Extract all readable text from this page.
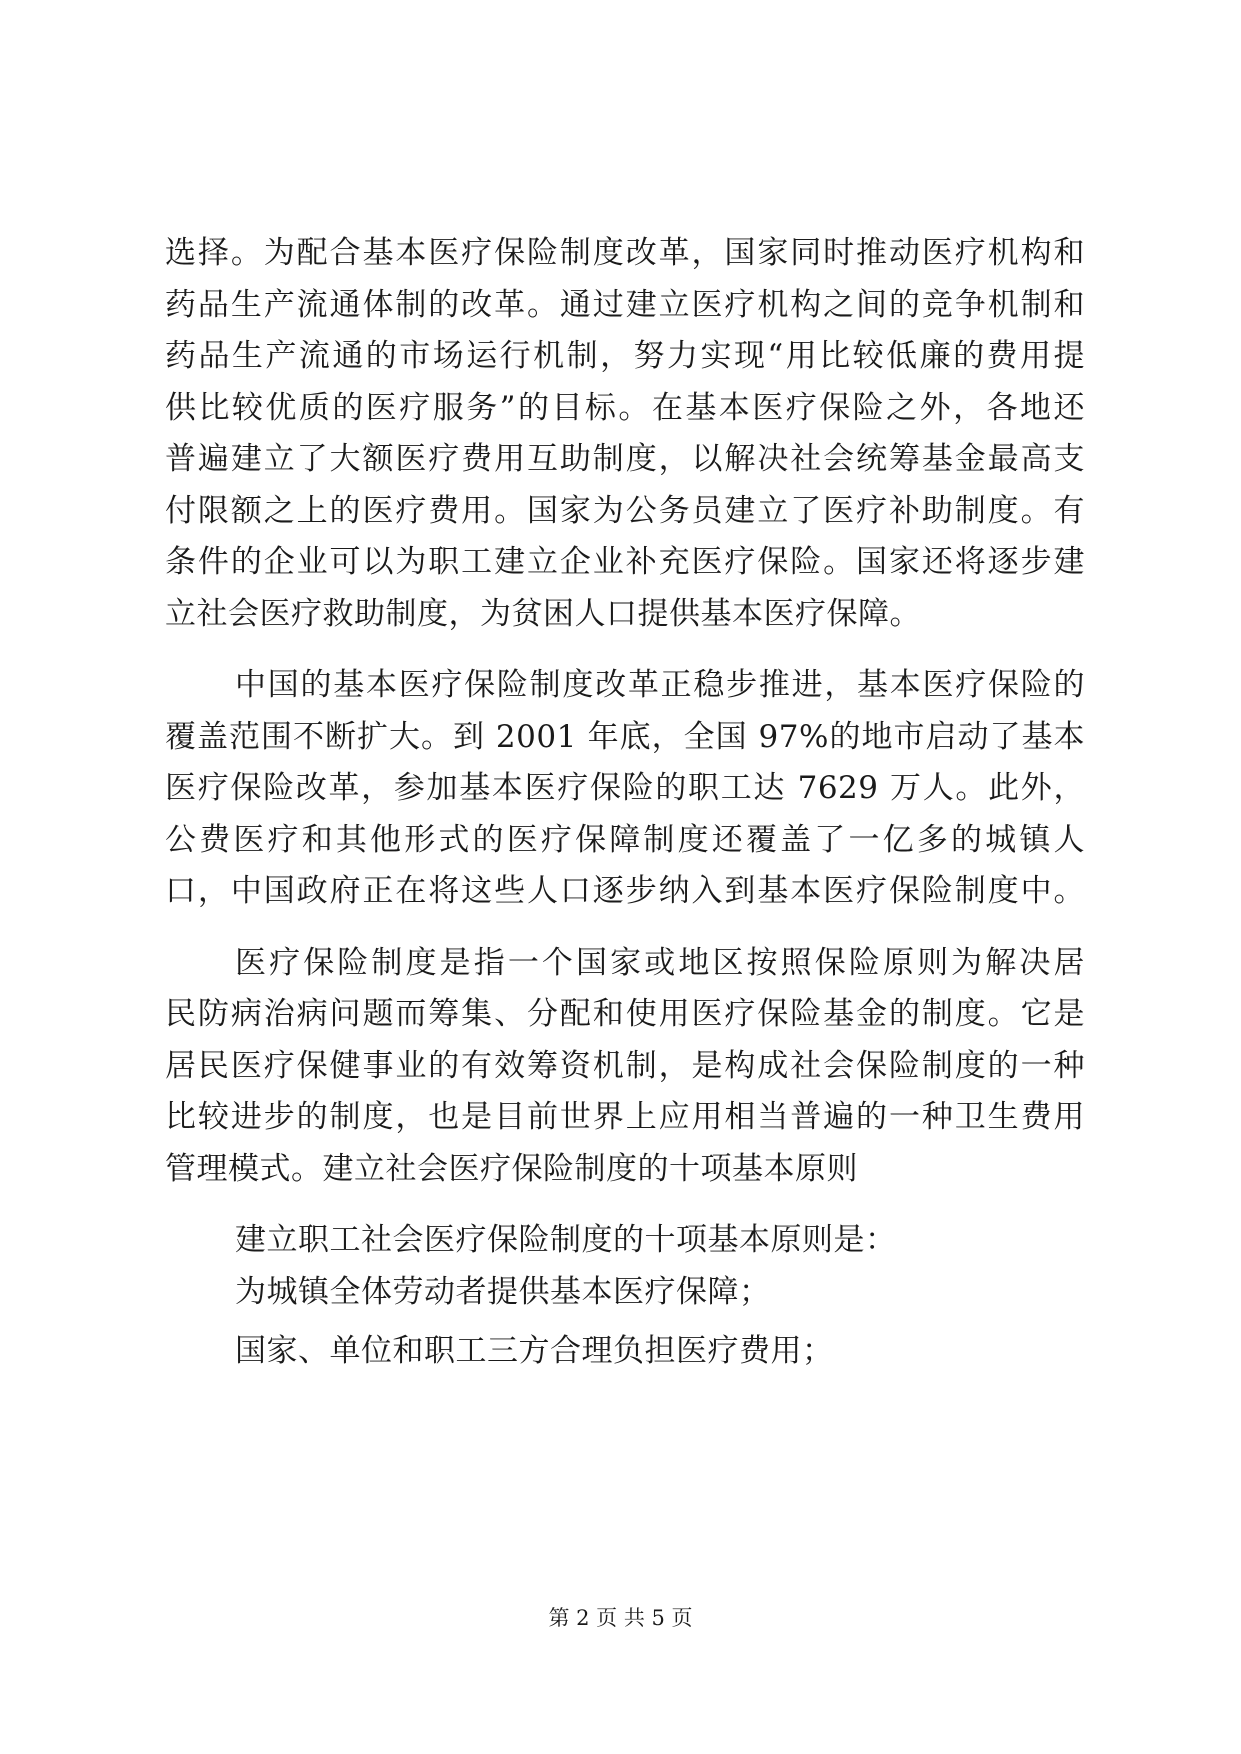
选择。为配合基本医疗保险制度改革，国家同时推动医疗机构和
药品生产流通体制的改革。通过建立医疗机构之间的竞争机制和
药品生产流通的市场运行机制，努力实现“用比较低廉的费用提
供比较优质的医疗服务”的目标。在基本医疗保险之外，各地还
普遍建立了大额医疗费用互助制度，以解决社会统筹基金最高支
付限额之上的医疗费用。国家为公务员建立了医疗补助制度。有
条件的企业可以为职工建立企业补充医疗保险。国家还将逐步建
立社会医疗救助制度，为贫困人口提供基本医疗保障。
中国的基本医疗保险制度改革正稳步推进，基本医疗保险的
覆盖范围不断扩大。到 2001 年底，全国 97%的地市启动了基本
医疗保险改革，参加基本医疗保险的职工达 7629 万人。此外，
公费医疗和其他形式的医疗保障制度还覆盖了一亿多的城镇人
口，中国政府正在将这些人口逐步纳入到基本医疗保险制度中。
医疗保险制度是指一个国家或地区按照保险原则为解决居
民防病治病问题而筹集、分配和使用医疗保险基金的制度。它是
居民医疗保健事业的有效筹资机制，是构成社会保险制度的一种
比较进步的制度，也是目前世界上应用相当普遍的一种卫生费用
管理模式。建立社会医疗保险制度的十项基本原则
建立职工社会医疗保险制度的十项基本原则是：
为城镇全体劳动者提供基本医疗保障；
国家、单位和职工三方合理负担医疗费用；
第 2 页 共 5 页
